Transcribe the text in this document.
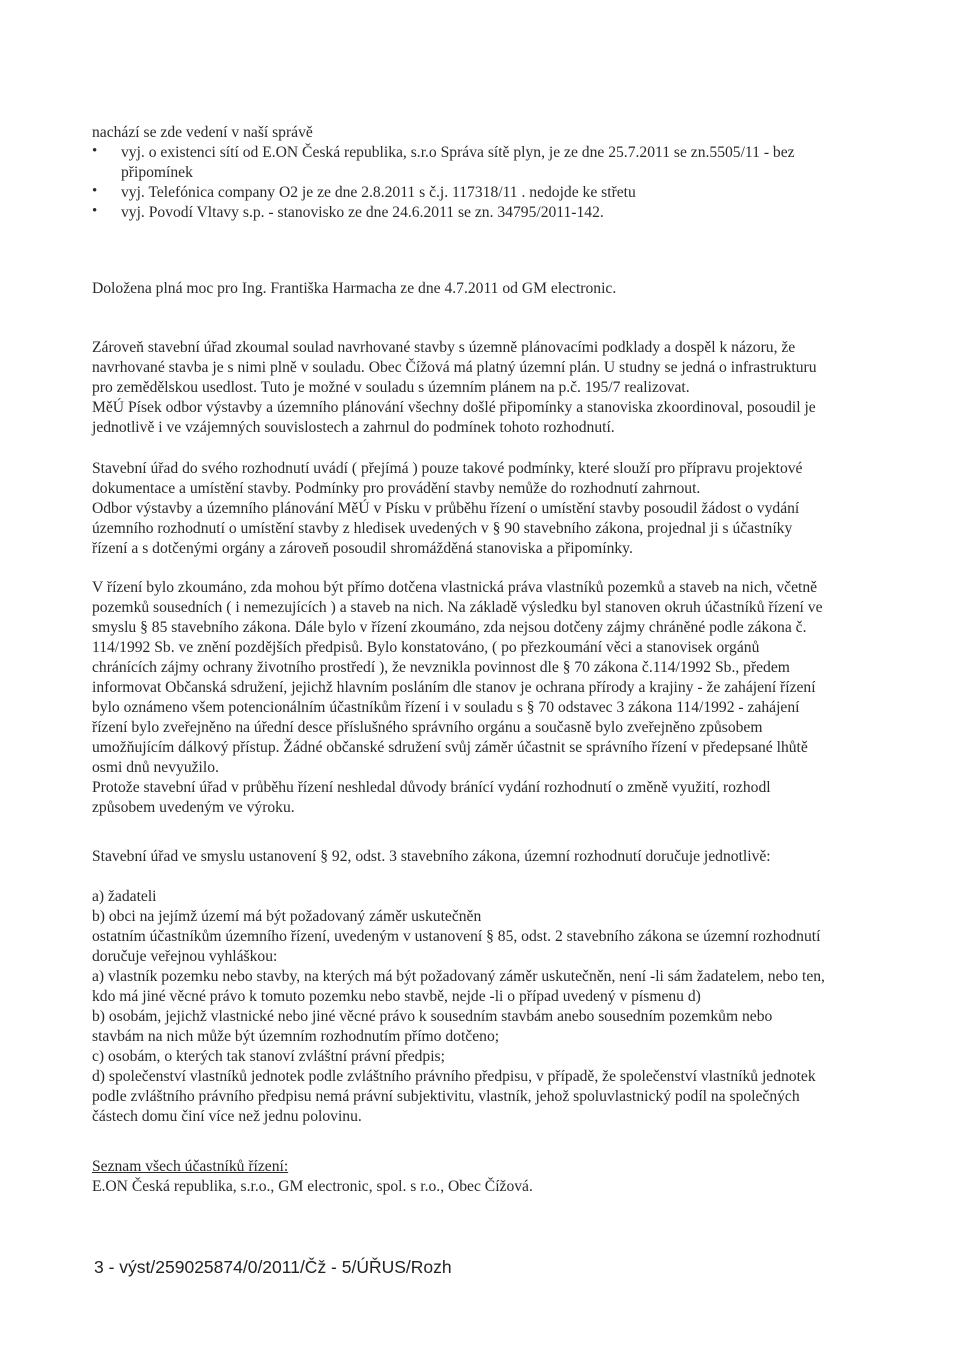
nachází se zde vedení v naší správě
• vyj. o existenci sítí od E.ON Česká republika, s.r.o Správa sítě plyn, je ze dne 25.7.2011 se zn.5505/11 - bez
připomínek
• vyj. Telefónica company O2 je ze dne 2.8.2011 s č.j. 117318/11 . nedojde ke střetu
• vyj. Povodí Vltavy s.p. - stanovisko ze dne 24.6.2011 se zn. 34795/2011-142.
Doložena plná moc pro Ing. Františka Harmacha ze dne 4.7.2011 od GM electronic.
Zároveň stavební úřad zkoumal soulad navrhované stavby s územně plánovacími podklady a dospěl k názoru, že
navrhované stavba je s nimi plně v souladu. Obec Čížová má platný územní plán. U studny se jedná o infrastrukturu
pro zemědělskou usedlost. Tuto je možné v souladu s územním plánem na p.č. 195/7 realizovat.
MěÚ Písek odbor výstavby a územního plánování všechny došlé připomínky a stanoviska zkoordinoval, posoudil je
jednotlivě i ve vzájemných souvislostech a zahrnul do podmínek tohoto rozhodnutí.
Stavební úřad do svého rozhodnutí uvádí ( přejímá ) pouze takové podmínky, které slouží pro přípravu projektové
dokumentace a umístění stavby. Podmínky pro provádění stavby nemůže do rozhodnutí zahrnout.
Odbor výstavby a územního plánování MěÚ v Písku v průběhu řízení o umístění stavby posoudil žádost o vydání
územního rozhodnutí o umístění stavby z hledisek uvedených v § 90 stavebního zákona, projednal ji s účastníky
řízení a s dotčenými orgány a zároveň posoudil shromážděná stanoviska a připomínky.
V řízení bylo zkoumáno, zda mohou být přímo dotčena vlastnická práva vlastníků pozemků a staveb na nich, včetně
pozemků sousedních ( i nemezujících ) a staveb na nich. Na základě výsledku byl stanoven okruh účastníků řízení ve
smyslu § 85 stavebního zákona. Dále bylo v řízení zkoumáno, zda nejsou dotčeny zájmy chráněné podle zákona č.
114/1992 Sb. ve znění pozdějších předpisů. Bylo konstatováno, ( po přezkoumání věci a stanovisek orgánů
chránících zájmy ochrany životního prostředí ), že nevznikla povinnost dle § 70 zákona č.114/1992 Sb., předem
informovat Občanská sdružení, jejichž hlavním posláním dle stanov je ochrana přírody a krajiny - že zahájení řízení
bylo oznámeno všem potencionálním účastníkům řízení i v souladu s § 70 odstavec 3 zákona 114/1992 - zahájení
řízení bylo zveřejněno na úřední desce příslušného správního orgánu a současně bylo zveřejněno způsobem
umožňujícím dálkový přístup. Žádné občanské sdružení svůj záměr účastnit se správního řízení v předepsané lhůtě
osmi dnů nevyužilo.
Protože stavební úřad v průběhu řízení neshledal důvody bránící vydání rozhodnutí o změně využití, rozhodl
způsobem uvedeným ve výroku.
Stavební úřad ve smyslu ustanovení § 92, odst. 3 stavebního zákona, územní rozhodnutí doručuje jednotlivě:
a) žadateli
b) obci na jejímž území má být požadovaný záměr uskutečněn
ostatním účastníkům územního řízení, uvedeným v ustanovení § 85, odst. 2 stavebního zákona se územní rozhodnutí
doručuje veřejnou vyhláškou:
a) vlastník pozemku nebo stavby, na kterých má být požadovaný záměr uskutečněn, není -li sám žadatelem, nebo ten,
kdo má jiné věcné právo k tomuto pozemku nebo stavbě, nejde -li o případ uvedený v písmenu d)
b) osobám, jejichž vlastnické nebo jiné věcné právo k sousedním stavbám anebo sousedním pozemkům nebo
stavbám na nich může být územním rozhodnutím přímo dotčeno;
c) osobám, o kterých tak stanoví zvláštní právní předpis;
d) společenství vlastníků jednotek podle zvláštního právního předpisu, v případě, že společenství vlastníků jednotek
podle zvláštního právního předpisu nemá právní subjektivitu, vlastník, jehož spoluvlastnický podíl na společných
částech domu činí více než jednu polovinu.
Seznam všech účastníků řízení:
E.ON Česká republika, s.r.o., GM electronic, spol. s r.o., Obec Čížová.
3 - výst/259025874/0/2011/Čž - 5/ÚŘUS/Rozh
